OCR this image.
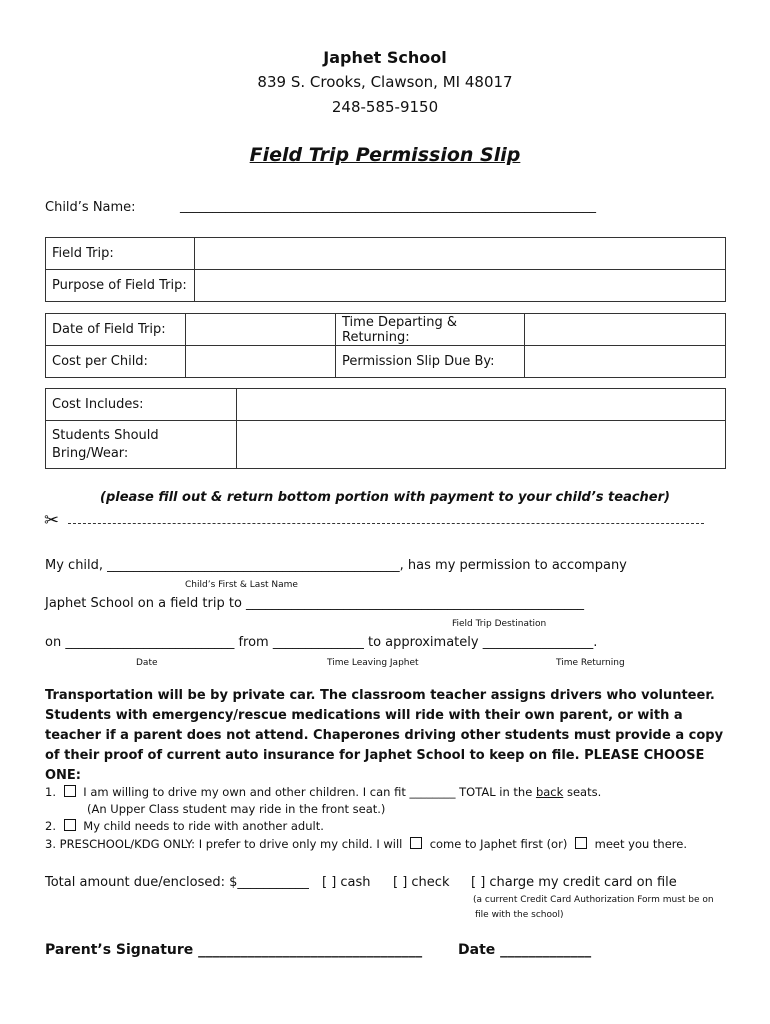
Japhet School
839 S. Crooks, Clawson, MI 48017
248-585-9150
Field Trip Permission Slip
Child’s Name:	________________________________________________________________
Field Trip:	
Purpose of Field Trip:	
Date of Field Trip:		Time Departing & Returning:	
Cost per Child:		Permission Slip Due By:	
Cost Includes:	
Students Should
Bring/Wear:	
(please fill out & return bottom portion with payment to your child’s teacher)
✂
My child, _____________________________________________, has my permission to accompany
Child’s First & Last Name
Japhet School on a field trip to ____________________________________________________
Field Trip Destination
on __________________________ from ______________ to approximately _________________.
Date	Time Leaving Japhet	Time Returning
Transportation will be by private car. The classroom teacher assigns drivers who volunteer. Students with emergency/rescue medications will ride with their own parent, or with a teacher if a parent does not attend. Chaperones driving other students must provide a copy of their proof of current auto insurance for Japhet School to keep on file. PLEASE CHOOSE ONE:
1. I am willing to drive my own and other children. I can fit ________ TOTAL in the back seats.
(An Upper Class student may ride in the front seat.)
2. My child needs to ride with another adult.
3. PRESCHOOL/KDG ONLY: I prefer to drive only my child. I will come to Japhet first (or) meet you there.
Total amount due/enclosed: $___________ [ ] cash [ ] check [ ] charge my credit card on file
(a current Credit Card Authorization Form must be on
file with the school)
Parent’s Signature ________________________________	Date _____________
